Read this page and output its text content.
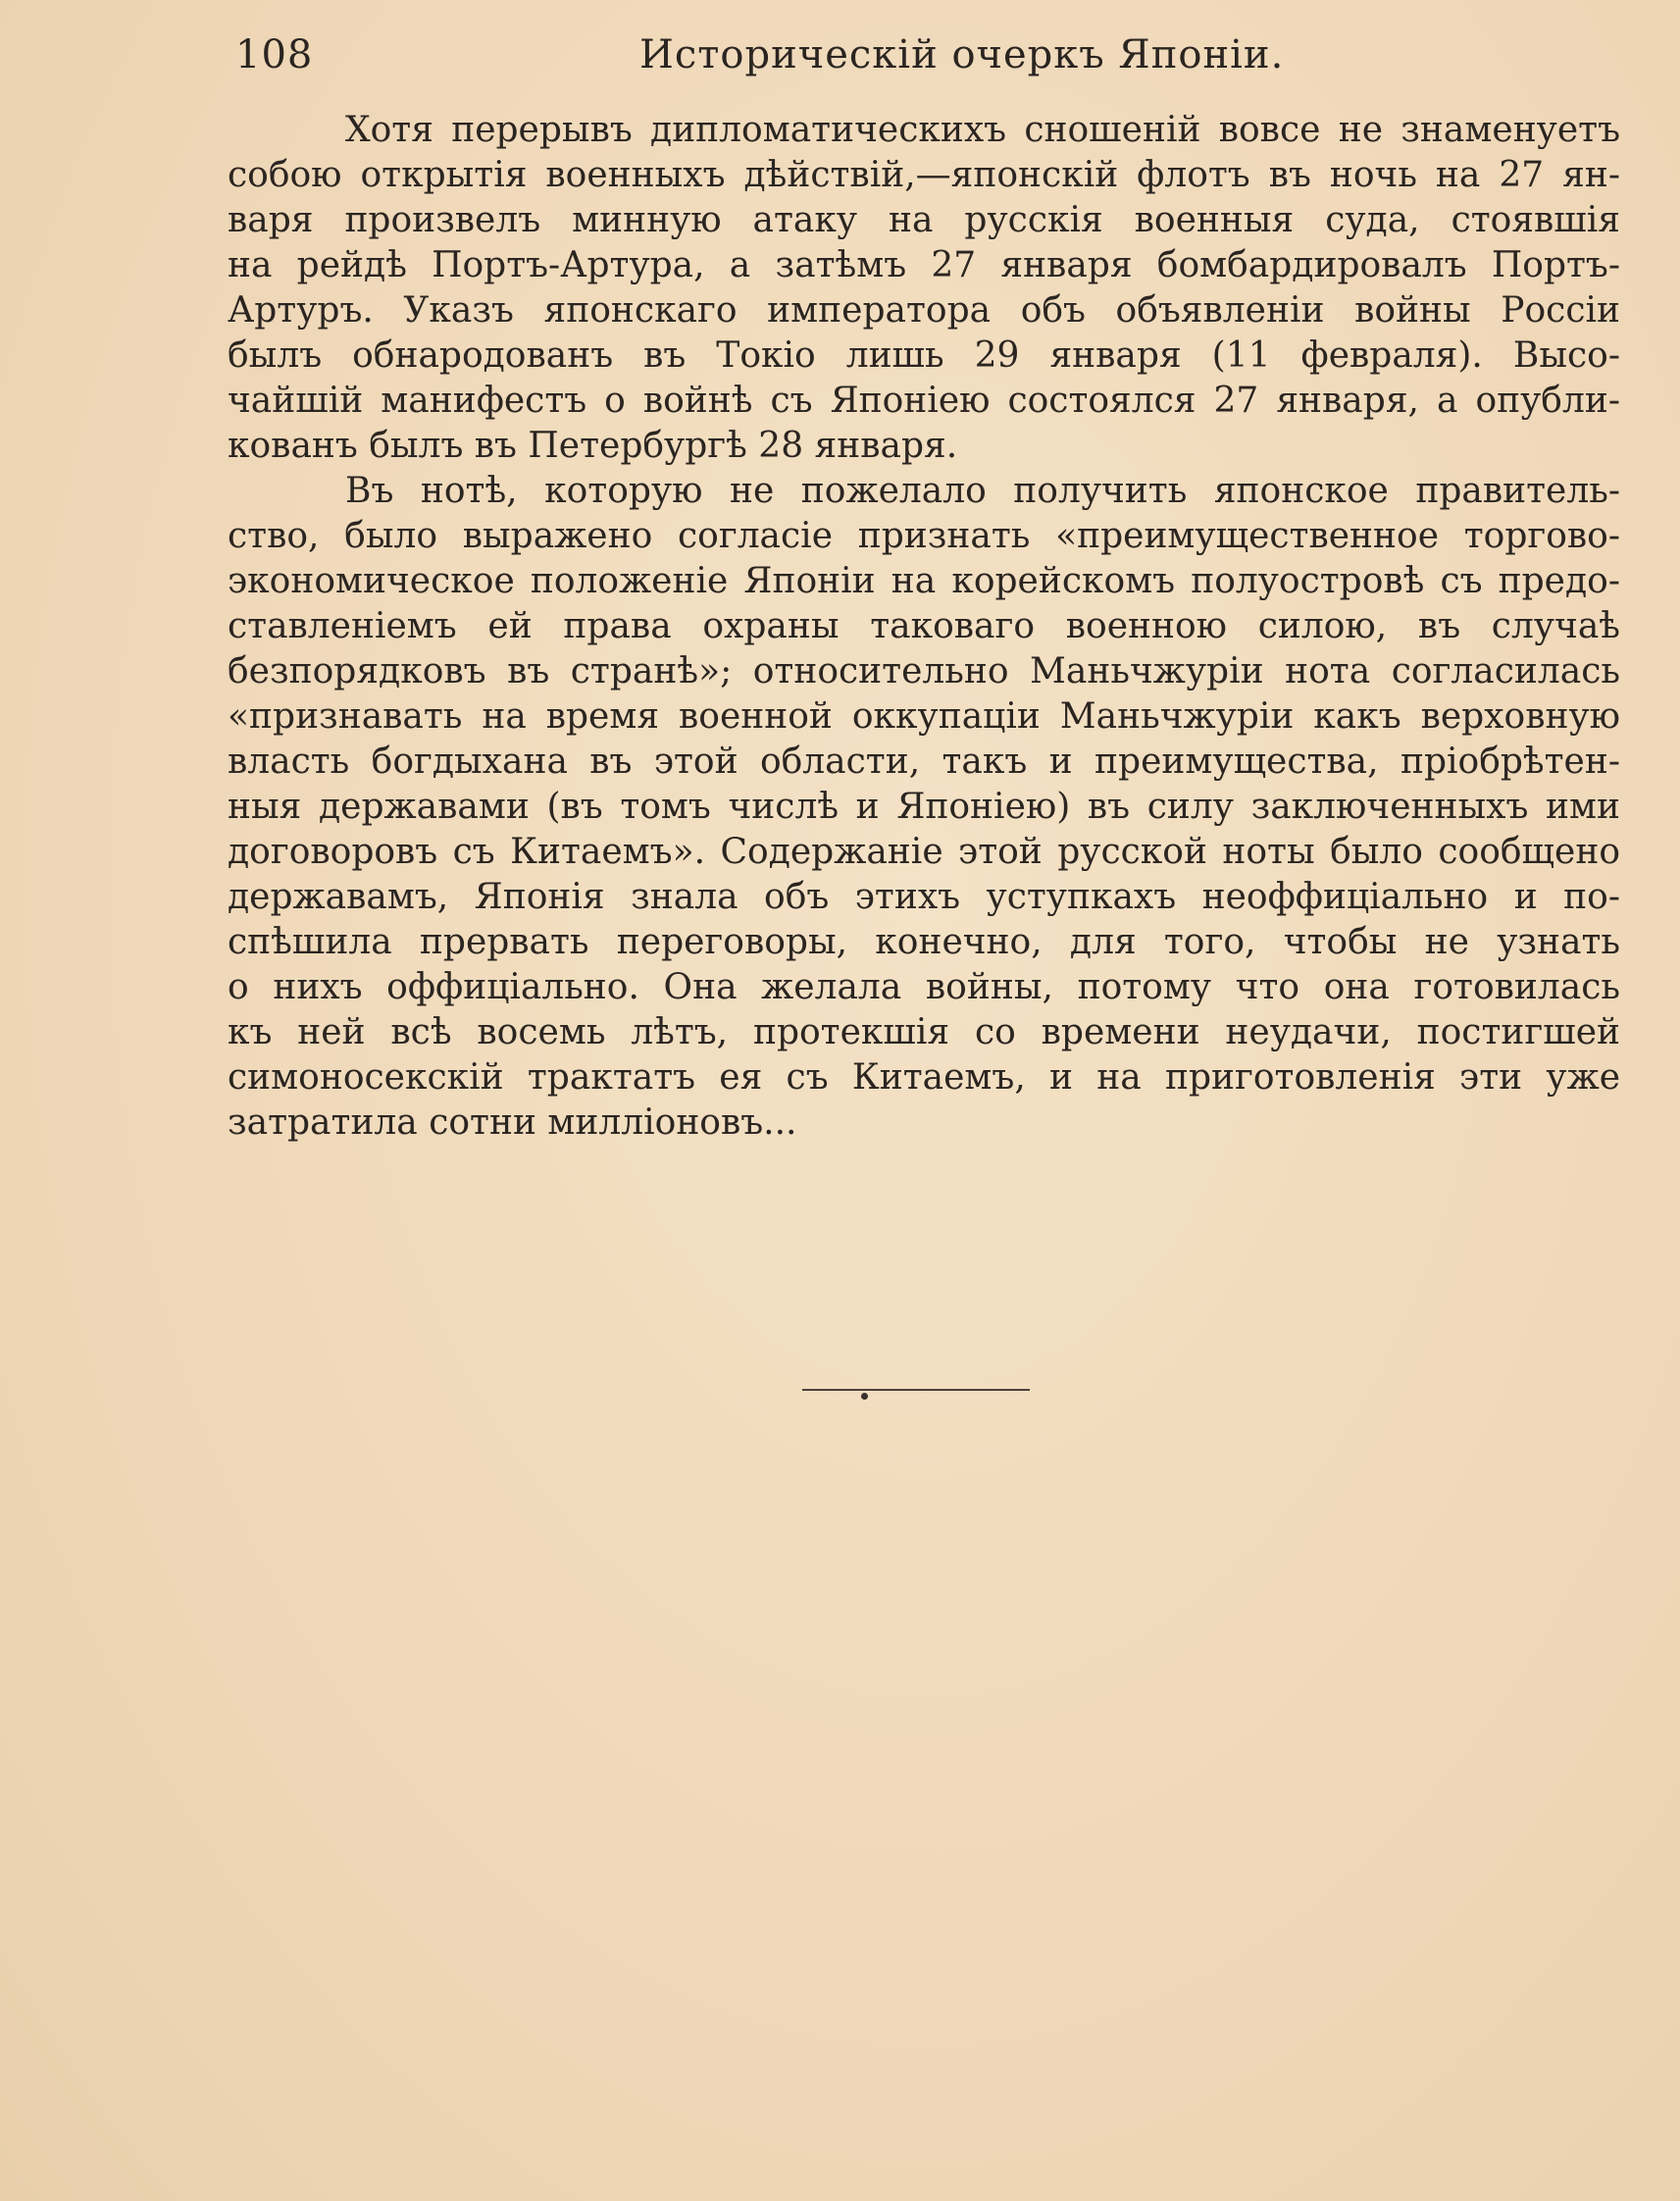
108	Историческій очеркъ Японіи.
Хотя перерывъ дипломатическихъ сношеній вовсе не знаменуетъ
собою открытія военныхъ дѣйствій,—японскій флотъ въ ночь на 27 ян-
варя произвелъ минную атаку на русскія военныя суда, стоявшія
на рейдѣ Портъ-Артура, а затѣмъ 27 января бомбардировалъ Портъ-
Артуръ. Указъ японскаго императора объ объявленіи войны Россіи
былъ обнародованъ въ Токіо лишь 29 января (11 февраля). Высо-
чайшій манифестъ о войнѣ съ Японіею состоялся 27 января, а опубли-
кованъ былъ въ Петербургѣ 28 января.
Въ нотѣ, которую не пожелало получить японское правитель-
ство, было выражено согласіе признать «преимущественное торгово-
экономическое положеніе Японіи на корейскомъ полуостровѣ съ предо-
ставленіемъ ей права охраны таковаго военною силою, въ случаѣ
безпорядковъ въ странѣ»; относительно Маньчжуріи нота согласилась
«признавать на время военной оккупаціи Маньчжуріи какъ верховную
власть богдыхана въ этой области, такъ и преимущества, пріобрѣтен-
ныя державами (въ томъ числѣ и Японіею) въ силу заключенныхъ ими
договоровъ съ Китаемъ». Содержаніе этой русской ноты было сообщено
державамъ, Японія знала объ этихъ уступкахъ неоффиціально и по-
спѣшила прервать переговоры, конечно, для того, чтобы не узнать
о нихъ оффиціально. Она желала войны, потому что она готовилась
къ ней всѣ восемь лѣтъ, протекшія со времени неудачи, постигшей
симоносекскій трактатъ ея съ Китаемъ, и на приготовленія эти уже
затратила сотни милліоновъ...
